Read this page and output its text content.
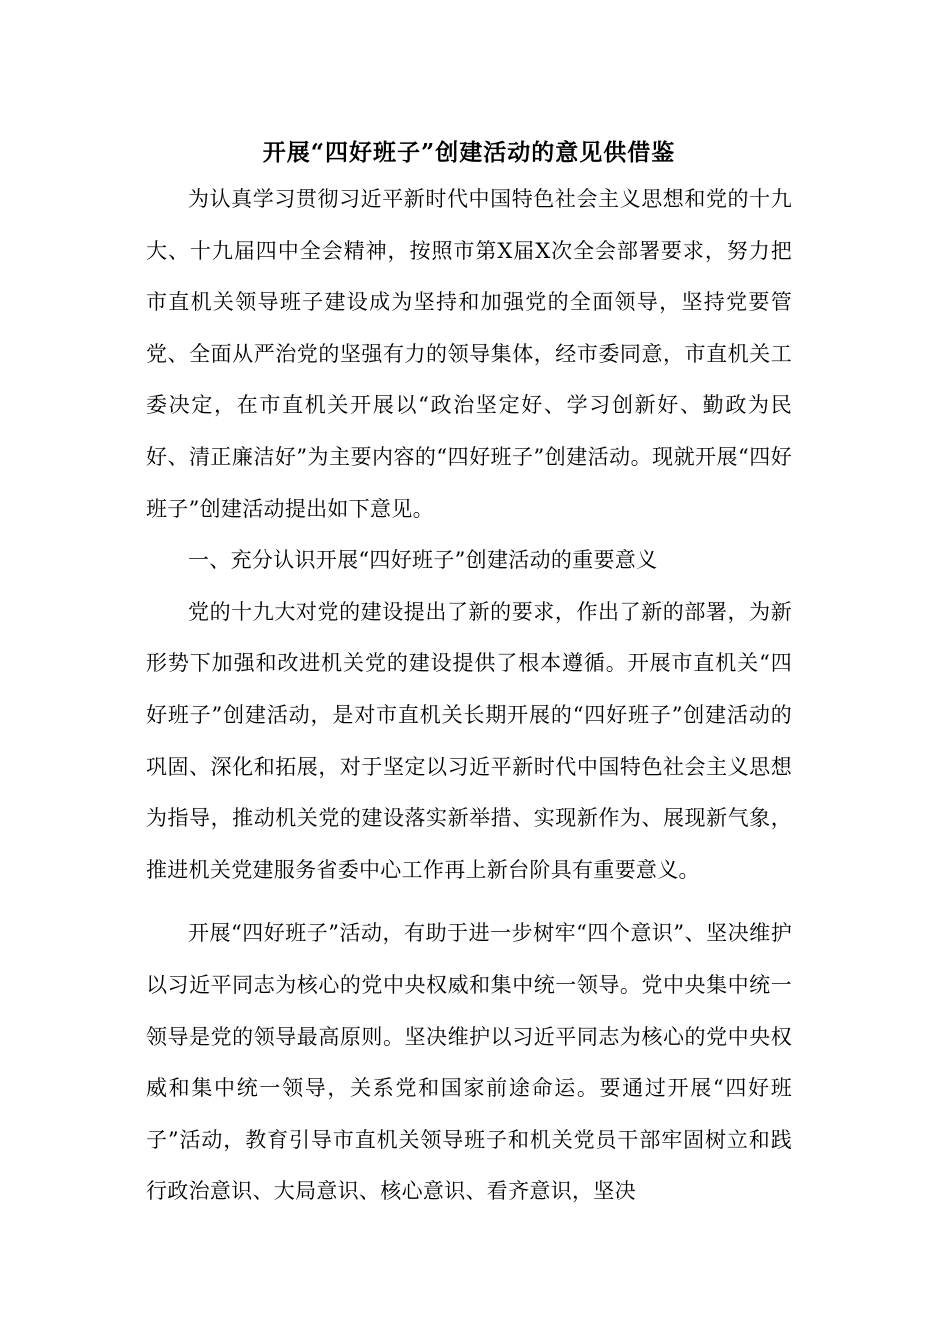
开展“四好班子”创建活动的意见供借鉴

为认真学习贯彻习近平新时代中国特色社会主义思想和党的十九大、十九届四中全会精神，按照市第X届X次全会部署要求，努力把市直机关领导班子建设成为坚持和加强党的全面领导，坚持党要管党、全面从严治党的坚强有力的领导集体，经市委同意，市直机关工委决定，在市直机关开展以“政治坚定好、学习创新好、勤政为民好、清正廉洁好”为主要内容的“四好班子”创建活动。现就开展“四好班子”创建活动提出如下意见。

一、充分认识开展“四好班子”创建活动的重要意义

党的十九大对党的建设提出了新的要求，作出了新的部署，为新形势下加强和改进机关党的建设提供了根本遵循。开展市直机关“四好班子”创建活动，是对市直机关长期开展的“四好班子”创建活动的巩固、深化和拓展，对于坚定以习近平新时代中国特色社会主义思想为指导，推动机关党的建设落实新举措、实现新作为、展现新气象，推进机关党建服务省委中心工作再上新台阶具有重要意义。

开展“四好班子”活动，有助于进一步树牢“四个意识”、坚决维护以习近平同志为核心的党中央权威和集中统一领导。党中央集中统一领导是党的领导最高原则。坚决维护以习近平同志为核心的党中央权威和集中统一领导，关系党和国家前途命运。要通过开展“四好班子”活动，教育引导市直机关领导班子和机关党员干部牢固树立和践行政治意识、大局意识、核心意识、看齐意识，坚决
